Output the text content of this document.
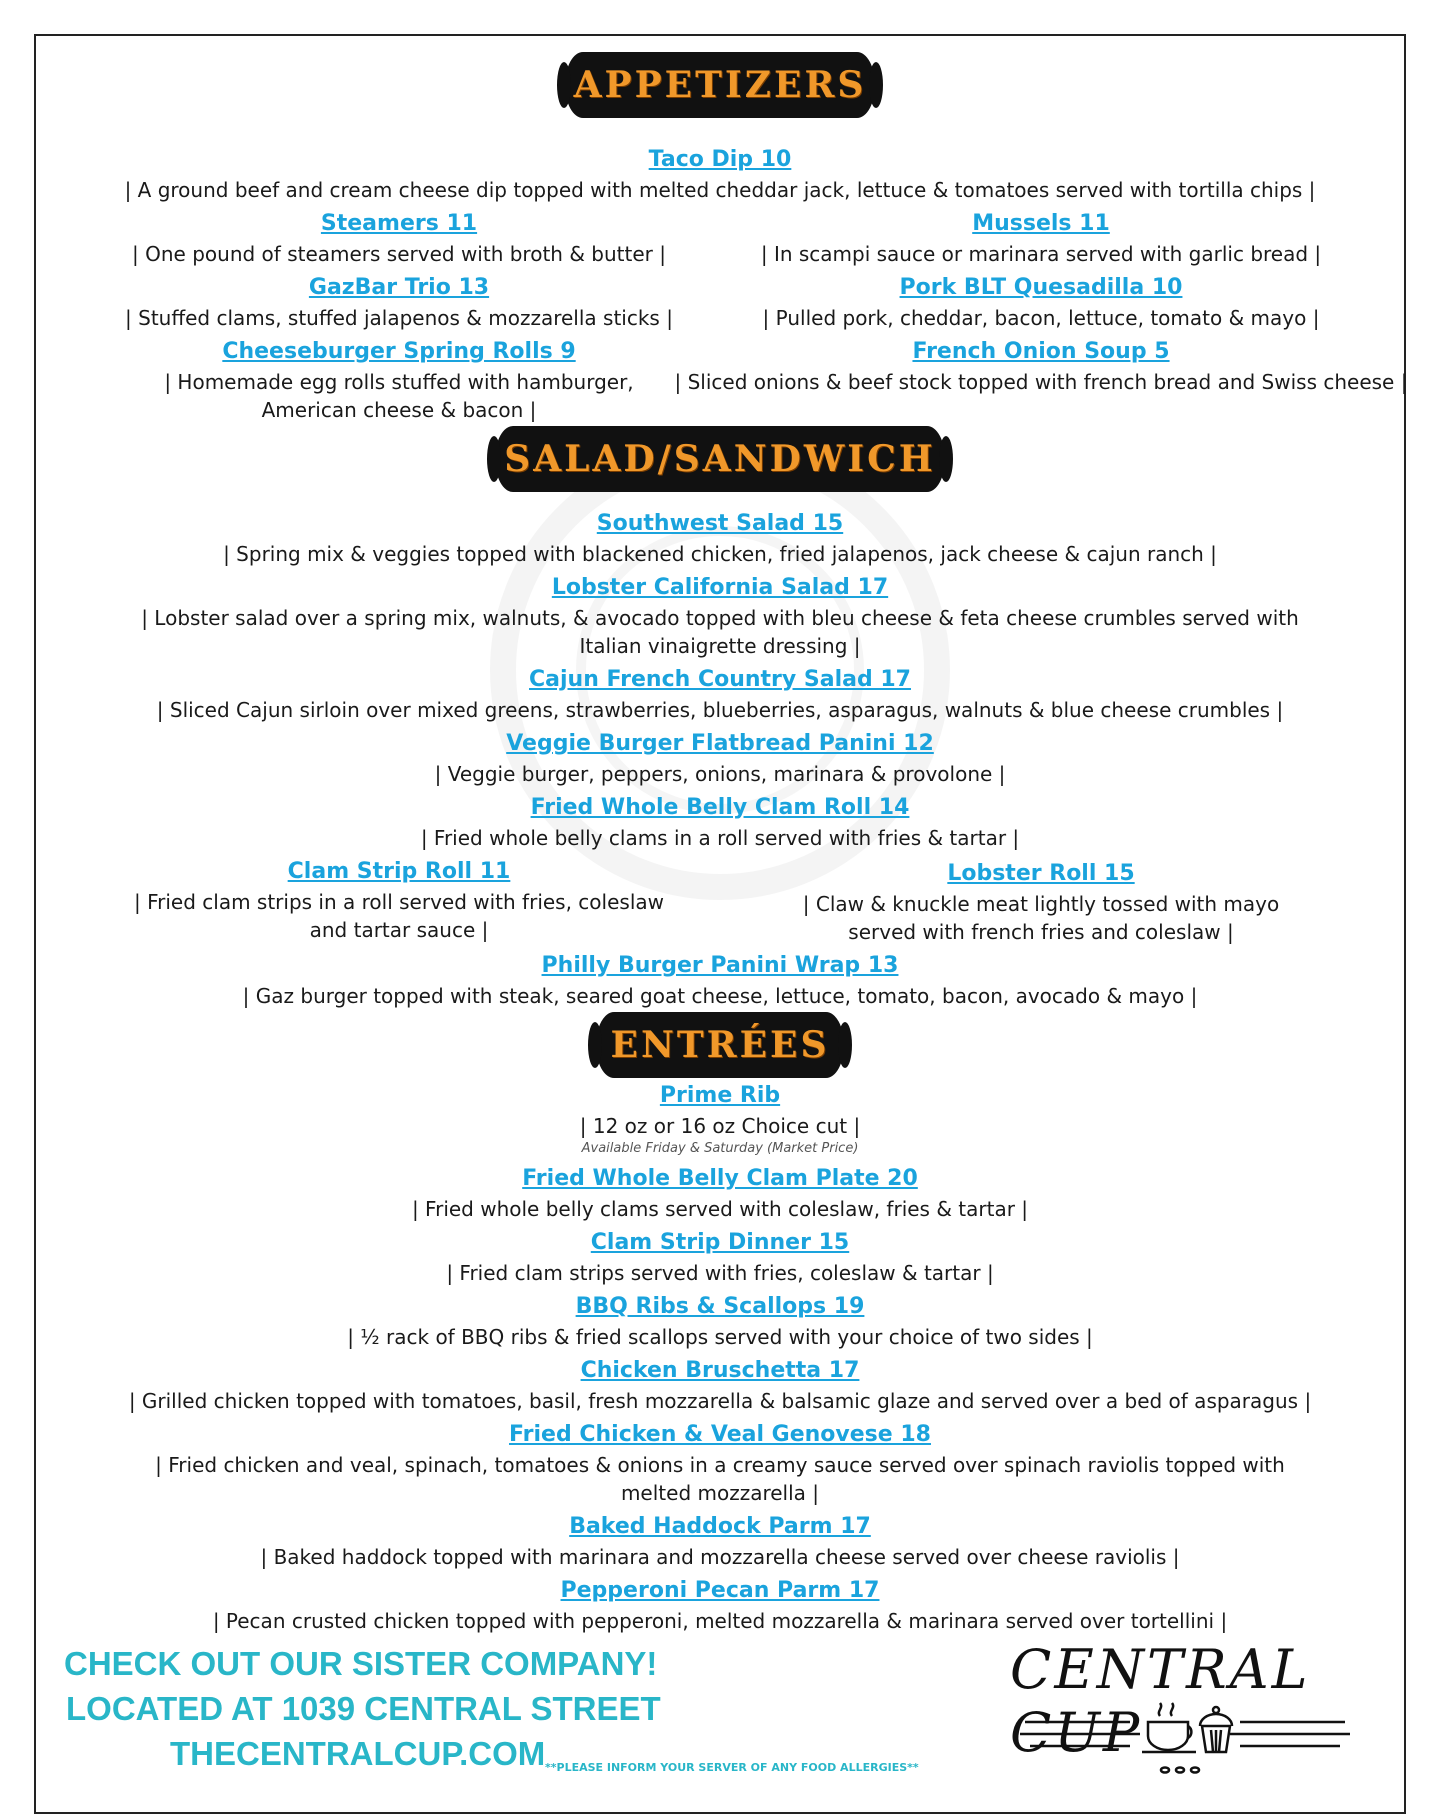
APPETIZERS
SALAD/SANDWICH
ENTRÉES
Taco Dip 10
| A ground beef and cream cheese dip topped with melted cheddar jack, lettuce & tomatoes served with tortilla chips |
Steamers 11
| One pound of steamers served with broth & butter |
Mussels 11
| In scampi sauce or marinara served with garlic bread |
GazBar Trio 13
| Stuffed clams, stuffed jalapenos & mozzarella sticks |
Pork BLT Quesadilla 10
| Pulled pork, cheddar, bacon, lettuce, tomato & mayo |
Cheeseburger Spring Rolls 9
| Homemade egg rolls stuffed with hamburger,
American cheese & bacon |
French Onion Soup 5
| Sliced onions & beef stock topped with french bread and Swiss cheese |
Southwest Salad 15
| Spring mix & veggies topped with blackened chicken, fried jalapenos, jack cheese & cajun ranch |
Lobster California Salad 17
| Lobster salad over a spring mix, walnuts, & avocado topped with bleu cheese & feta cheese crumbles served with
Italian vinaigrette dressing |
Cajun French Country Salad 17
| Sliced Cajun sirloin over mixed greens, strawberries, blueberries, asparagus, walnuts & blue cheese crumbles |
Veggie Burger Flatbread Panini 12
| Veggie burger, peppers, onions, marinara & provolone |
Fried Whole Belly Clam Roll 14
| Fried whole belly clams in a roll served with fries & tartar |
Clam Strip Roll 11
| Fried clam strips in a roll served with fries, coleslaw
and tartar sauce |
Lobster Roll 15
| Claw & knuckle meat lightly tossed with mayo
served with french fries and coleslaw |
Philly Burger Panini Wrap 13
| Gaz burger topped with steak, seared goat cheese, lettuce, tomato, bacon, avocado & mayo |
Prime Rib
| 12 oz or 16 oz Choice cut |
Available Friday & Saturday (Market Price)
Fried Whole Belly Clam Plate 20
| Fried whole belly clams served with coleslaw, fries & tartar |
Clam Strip Dinner 15
| Fried clam strips served with fries, coleslaw & tartar |
BBQ Ribs & Scallops 19
| ½ rack of BBQ ribs & fried scallops served with your choice of two sides |
Chicken Bruschetta 17
| Grilled chicken topped with tomatoes, basil, fresh mozzarella & balsamic glaze and served over a bed of asparagus |
Fried Chicken & Veal Genovese 18
| Fried chicken and veal, spinach, tomatoes & onions in a creamy sauce served over spinach raviolis topped with
melted mozzarella |
Baked Haddock Parm 17
| Baked haddock topped with marinara and mozzarella cheese served over cheese raviolis |
Pepperoni Pecan Parm 17
| Pecan crusted chicken topped with pepperoni, melted mozzarella & marinara served over tortellini |
CHECK OUT OUR SISTER COMPANY!
LOCATED AT 1039 CENTRAL STREET
THECENTRALCUP.COM **PLEASE INFORM YOUR SERVER OF ANY FOOD ALLERGIES**
CENTRAL CUP
